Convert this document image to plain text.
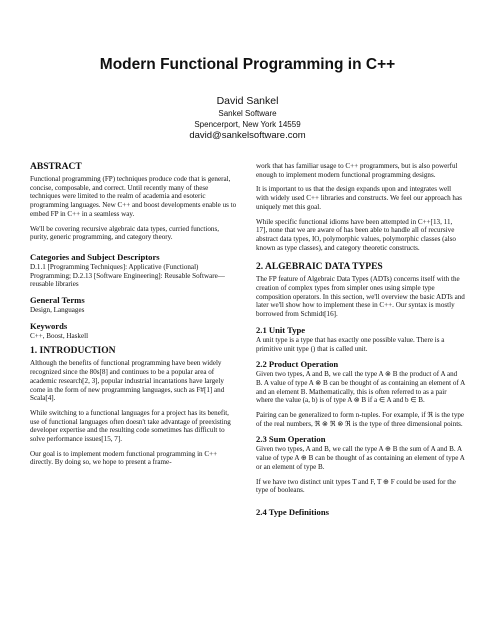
Modern Functional Programming in C++
David Sankel
Sankel Software
Spencerport, New York 14559
david@sankelsoftware.com
ABSTRACT

Functional programming (FP) techniques produce code that is general, concise, composable, and correct. Until recently many of these techniques were limited to the realm of academia and esoteric programming languages. New C++ and boost developments enable us to embed FP in C++ in a seamless way.

We'll be covering recursive algebraic data types, curried functions, purity, generic programming, and category theory.

Categories and Subject Descriptors

D.1.1 [Programming Techniques]: Applicative (Functional) Programming; D.2.13 [Software Engineering]: Reusable Software—reusable libraries

General Terms

Design, Languages

Keywords

C++, Boost, Haskell

1. INTRODUCTION

Although the benefits of functional programming have been widely recognized since the 80s[8] and continues to be a popular area of academic research[2, 3], popular industrial incantations have largely come in the form of new programming languages, such as F#[1] and Scala[4].

While switching to a functional languages for a project has its benefit, use of functional languages often doesn't take advantage of preexisting developer expertise and the resulting code sometimes has difficult to solve performance issues[15, 7].

Our goal is to implement modern functional programming in C++ directly. By doing so, we hope to present a frame-

work that has familiar usage to C++ programmers, but is also powerful enough to implement modern functional programming designs.

It is important to us that the design expands upon and integrates well with widely used C++ libraries and constructs. We feel our approach has uniquely met this goal.

While specific functional idioms have been attempted in C++[13, 11, 17], none that we are aware of has been able to handle all of recursive abstract data types, IO, polymorphic values, polymorphic classes (also known as type classes), and category theoretic constructs.

2. ALGEBRAIC DATA TYPES

The FP feature of Algebraic Data Types (ADTs) concerns itself with the creation of complex types from simpler ones using simple type composition operators. In this section, we'll overview the basic ADTs and later we'll show how to implement these in C++. Our syntax is mostly borrowed from Schmidt[16].

2.1 Unit Type

A unit type is a type that has exactly one possible value. There is a primitive unit type () that is called unit.

2.2 Product Operation

Given two types, A and B, we call the type A ⊗ B the product of A and B. A value of type A ⊗ B can be thought of as containing an element of A and an element B. Mathematically, this is often referred to as a pair where the value (a, b) is of type A ⊗ B if a ∈ A and b ∈ B.

Pairing can be generalized to form n-tuples. For example, if ℜ is the type of the real numbers, ℜ ⊗ ℜ ⊗ ℜ is the type of three dimensional points.

2.3 Sum Operation

Given two types, A and B, we call the type A ⊕ B the sum of A and B. A value of type A ⊕ B can be thought of as containing an element of type A or an element of type B.

If we have two distinct unit types T and F, T ⊕ F could be used for the type of booleans.

2.4 Type Definitions
